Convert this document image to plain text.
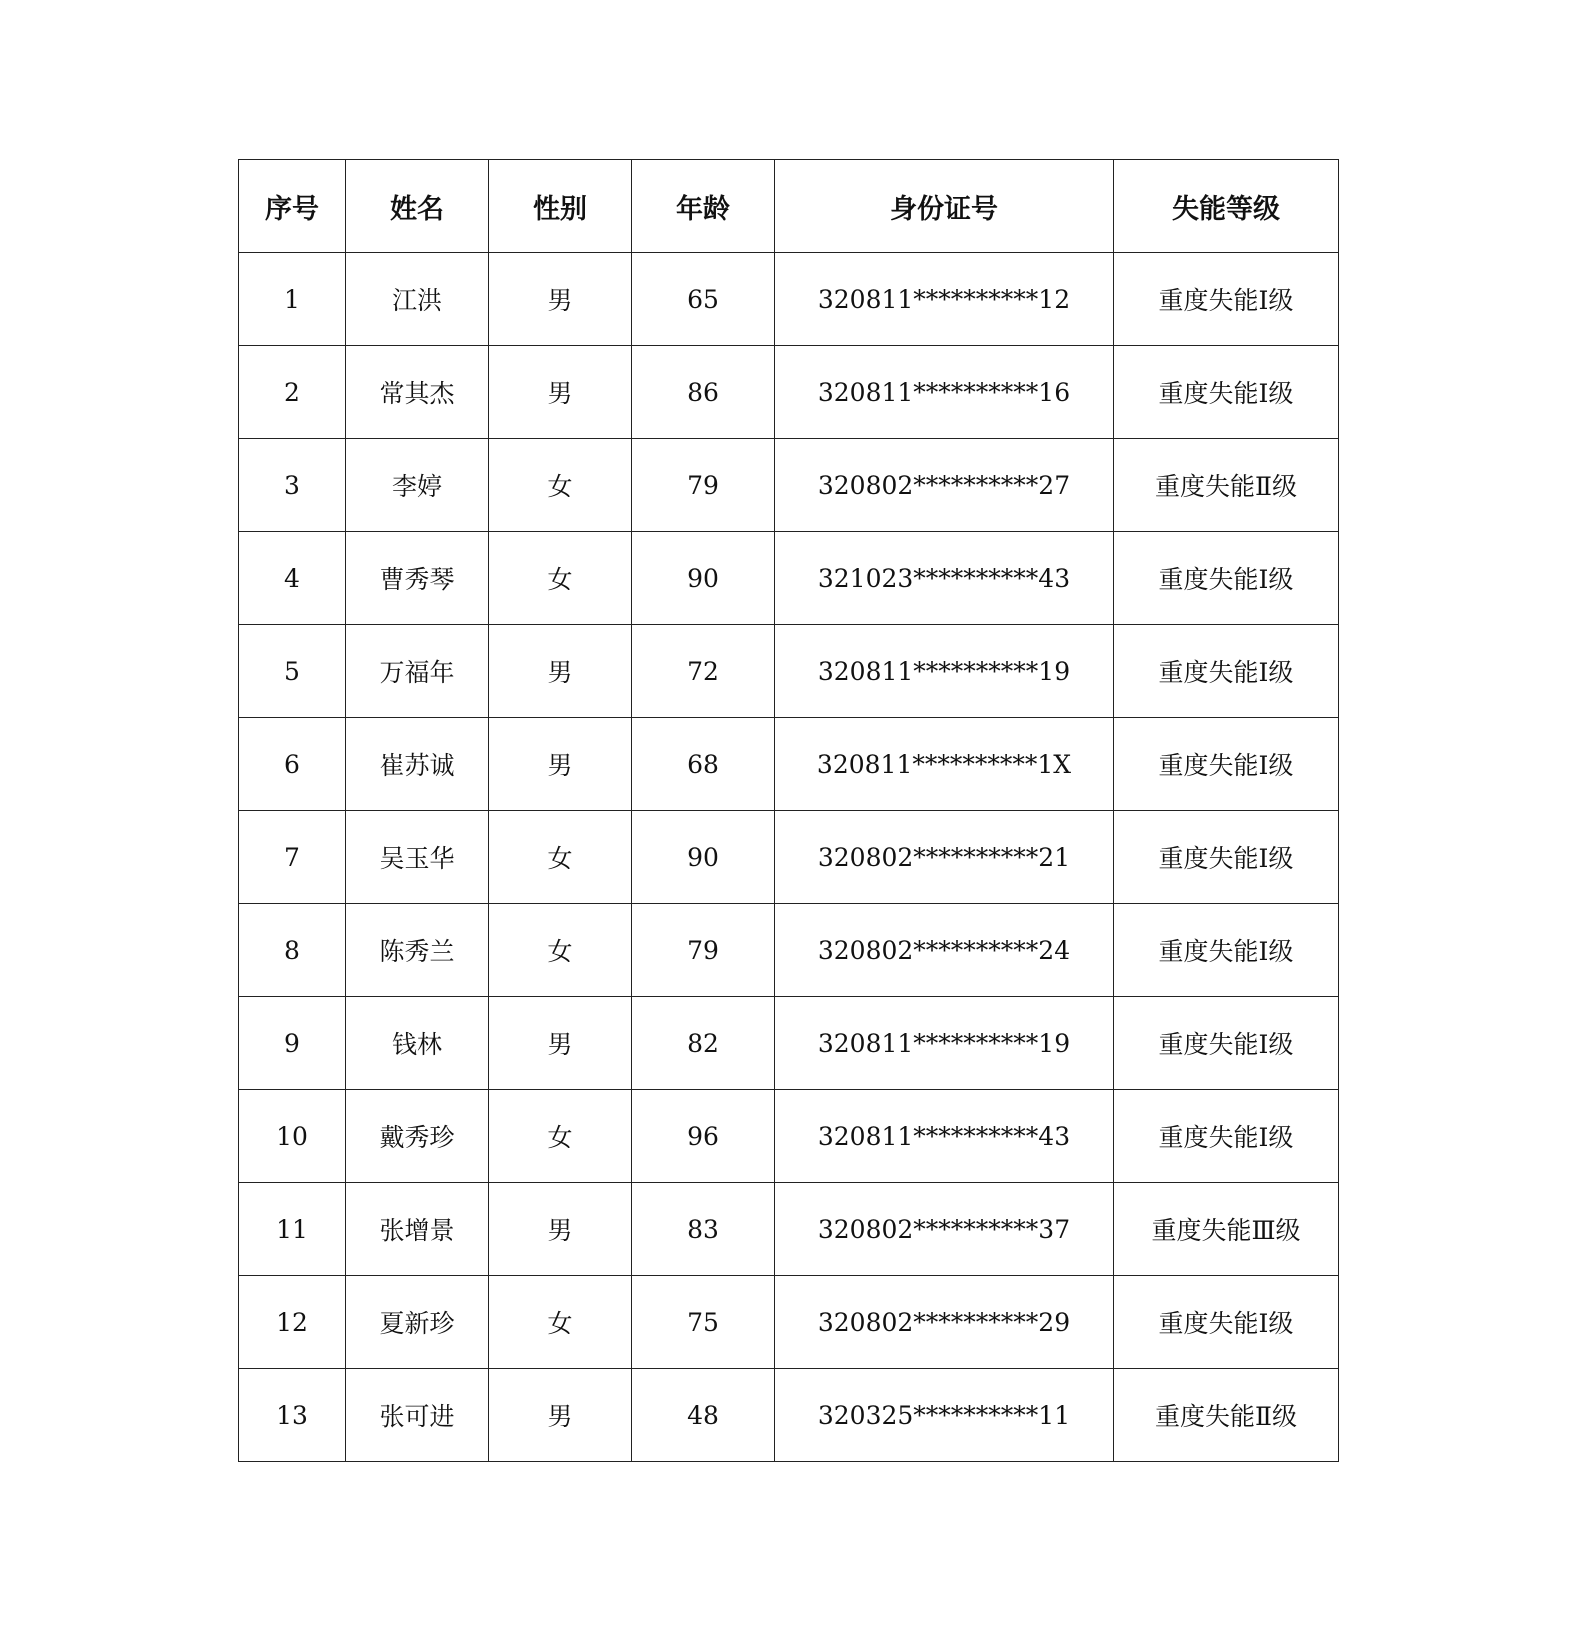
序号	姓名	性别	年龄	身份证号	失能等级
1	江洪	男	65	320811**********12	重度失能Ⅰ级
2	常其杰	男	86	320811**********16	重度失能Ⅰ级
3	李婷	女	79	320802**********27	重度失能Ⅱ级
4	曹秀琴	女	90	321023**********43	重度失能Ⅰ级
5	万福年	男	72	320811**********19	重度失能Ⅰ级
6	崔苏诚	男	68	320811**********1X	重度失能Ⅰ级
7	吴玉华	女	90	320802**********21	重度失能Ⅰ级
8	陈秀兰	女	79	320802**********24	重度失能Ⅰ级
9	钱林	男	82	320811**********19	重度失能Ⅰ级
10	戴秀珍	女	96	320811**********43	重度失能Ⅰ级
11	张增景	男	83	320802**********37	重度失能Ⅲ级
12	夏新珍	女	75	320802**********29	重度失能Ⅰ级
13	张可进	男	48	320325**********11	重度失能Ⅱ级
